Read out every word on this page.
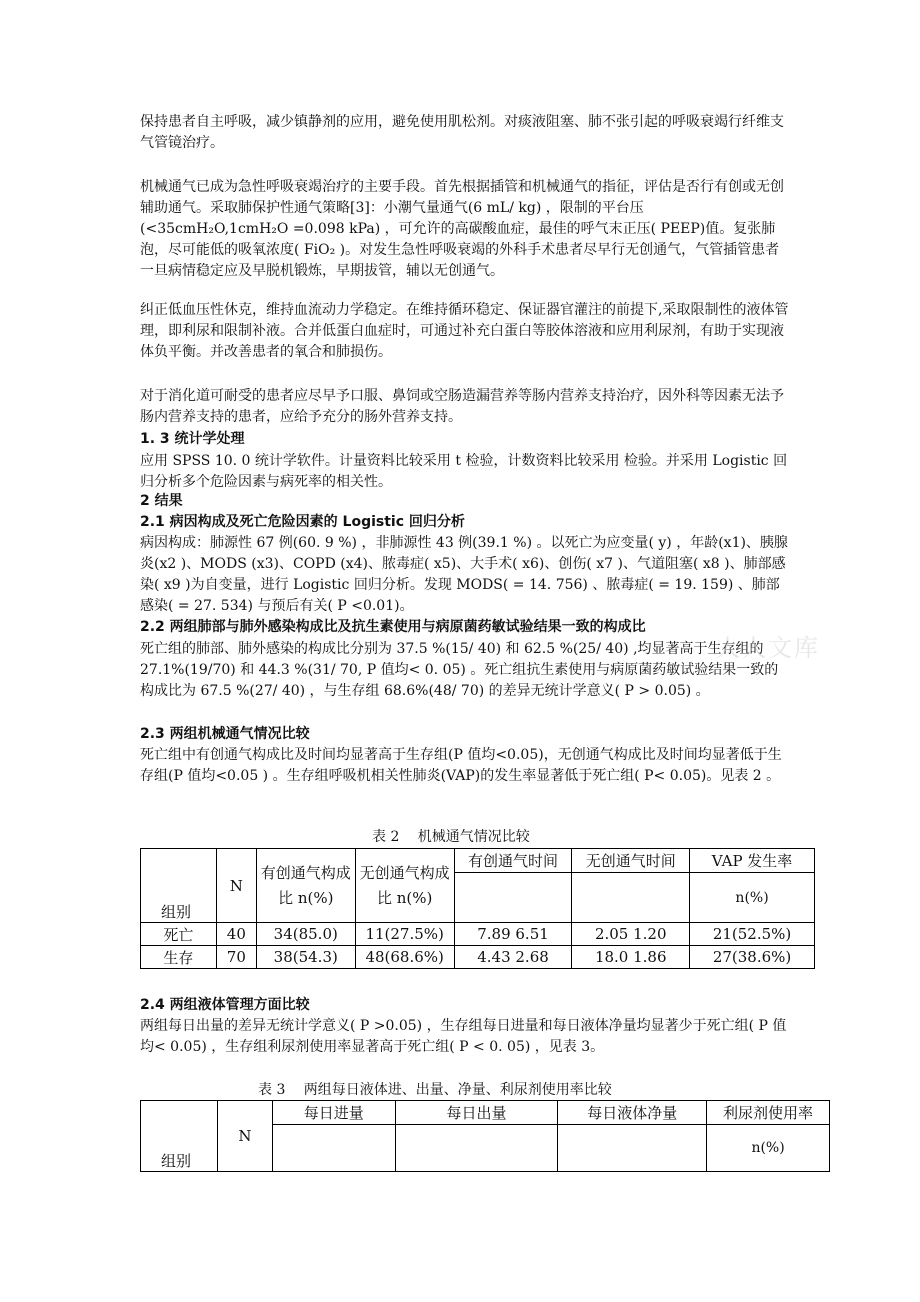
保持患者自主呼吸，减少镇静剂的应用，避免使用肌松剂。对痰液阻塞、肺不张引起的呼吸衰竭行纤维支气管镜治疗。

机械通气已成为急性呼吸衰竭治疗的主要手段。首先根据插管和机械通气的指征，评估是否行有创或无创辅助通气。采取肺保护性通气策略[3]：小潮气量通气(6 mL/ kg) ，限制的平台压(<35cmH₂O,1cmH₂O =0.098 kPa) ，可允许的高碳酸血症，最佳的呼气末正压( PEEP)值。复张肺泡，尽可能低的吸氧浓度( FiO₂ )。对发生急性呼吸衰竭的外科手术患者尽早行无创通气，气管插管患者一旦病情稳定应及早脱机锻炼，早期拔管，辅以无创通气。

纠正低血压性休克，维持血流动力学稳定。在维持循环稳定、保证器官灌注的前提下,采取限制性的液体管理，即利尿和限制补液。合并低蛋白血症时，可通过补充白蛋白等胶体溶液和应用利尿剂，有助于实现液体负平衡。并改善患者的氧合和肺损伤。

对于消化道可耐受的患者应尽早予口服、鼻饲或空肠造漏营养等肠内营养支持治疗，因外科等因素无法予肠内营养支持的患者，应给予充分的肠外营养支持。

1. 3 统计学处理

应用 SPSS 10. 0 统计学软件。计量资料比较采用 t 检验，计数资料比较采用 检验。并采用 Logistic 回归分析多个危险因素与病死率的相关性。

2 结果
2.1 病因构成及死亡危险因素的 Logistic 回归分析

病因构成：肺源性 67 例(60. 9 %) ，非肺源性 43 例(39.1 %) 。以死亡为应变量( y) ，年龄(x1)、胰腺炎(x2 )、MODS (x3)、COPD (x4)、脓毒症( x5)、大手术( x6)、创伤( x7 )、气道阻塞( x8 )、肺部感染( x9 )为自变量，进行 Logistic 回归分析。发现 MODS( = 14. 756) 、脓毒症( = 19. 159) 、肺部感染( = 27. 534) 与预后有关( P <0.01)。

2.2 两组肺部与肺外感染构成比及抗生素使用与病原菌药敏试验结果一致的构成比

死亡组的肺部、肺外感染的构成比分别为 37.5 %(15/ 40) 和 62.5 %(25/ 40) ,均显著高于生存组的 27.1%(19/70) 和 44.3 %(31/ 70, P 值均< 0. 05) 。死亡组抗生素使用与病原菌药敏试验结果一致的构成比为 67.5 %(27/ 40) ，与生存组 68.6%(48/ 70) 的差异无统计学意义( P > 0.05) 。

2.3 两组机械通气情况比较

死亡组中有创通气构成比及时间均显著高于生存组(P 值均<0.05)，无创通气构成比及时间均显著低于生存组(P 值均<0.05 ) 。生存组呼吸机相关性肺炎(VAP)的发生率显著低于死亡组( P< 0.05)。见表 2 。

表 2　 机械通气情况比较
组别	N	有创通气构成比 n(%)	无创通气构成比 n(%)	有创通气时间	无创通气时间	VAP 发生率
						n(%)
死亡	40	34(85.0)	11(27.5%)	7.89 6.51	2.05 1.20	21(52.5%)
生存	70	38(54.3)	48(68.6%)	4.43 2.68	18.0 1.86	27(38.6%)
2.4 两组液体管理方面比较

两组每日出量的差异无统计学意义( P >0.05) ，生存组每日进量和每日液体净量均显著少于死亡组( P 值均< 0.05) ，生存组利尿剂使用率显著高于死亡组( P < 0. 05) ，见表 3。

表 3　 两组每日液体进、出量、净量、利尿剂使用率比较
组别	N	每日进量	每日出量	每日液体净量	利尿剂使用率
					n(%)
人人文库
